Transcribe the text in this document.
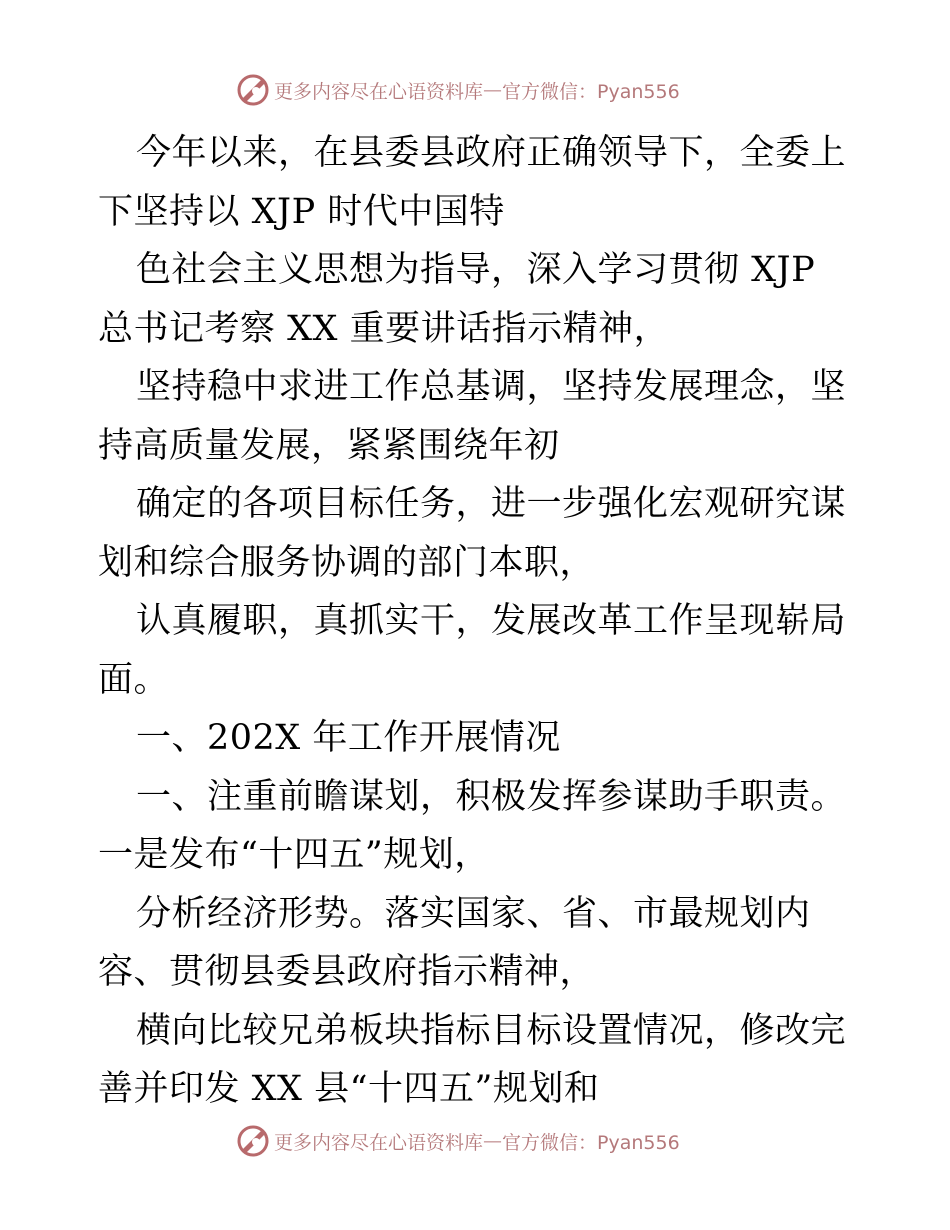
更多内容尽在心语资料库 — 官方微信：Pyan556

今年以来，在县委县政府正确领导下，全委上下坚持以 XJP 时代中国特

色社会主义思想为指导，深入学习贯彻 XJP 总书记考察 XX 重要讲话指示精神，

坚持稳中求进工作总基调，坚持发展理念，坚持高质量发展，紧紧围绕年初

确定的各项目标任务，进一步强化宏观研究谋划和综合服务协调的部门本职，

认真履职，真抓实干，发展改革工作呈现崭局面。

一、202X 年工作开展情况

一、注重前瞻谋划，积极发挥参谋助手职责。一是发布“十四五”规划，

分析经济形势。落实国家、省、市最规划内容、贯彻县委县政府指示精神，

横向比较兄弟板块指标目标设置情况，修改完善并印发 XX 县“十四五”规划和

更多内容尽在心语资料库 — 官方微信：Pyan556
